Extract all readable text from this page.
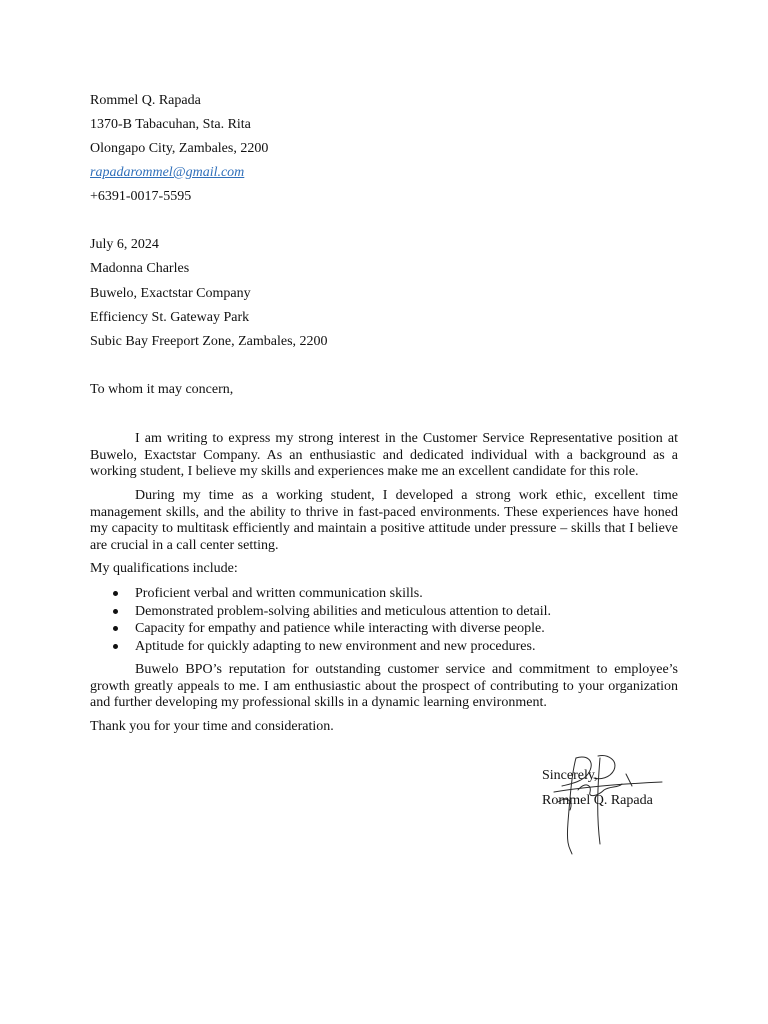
Rommel Q. Rapada
1370-B Tabacuhan, Sta. Rita
Olongapo City, Zambales, 2200
rapadarommel@gmail.com
+6391-0017-5595
July 6, 2024
Madonna Charles
Buwelo, Exactstar Company
Efficiency St. Gateway Park
Subic Bay Freeport Zone, Zambales, 2200
To whom it may concern,
I am writing to express my strong interest in the Customer Service Representative position at Buwelo, Exactstar Company. As an enthusiastic and dedicated individual with a background as a working student, I believe my skills and experiences make me an excellent candidate for this role.
During my time as a working student, I developed a strong work ethic, excellent time management skills, and the ability to thrive in fast-paced environments. These experiences have honed my capacity to multitask efficiently and maintain a positive attitude under pressure – skills that I believe are crucial in a call center setting.
My qualifications include:
Proficient verbal and written communication skills.
Demonstrated problem-solving abilities and meticulous attention to detail.
Capacity for empathy and patience while interacting with diverse people.
Aptitude for quickly adapting to new environment and new procedures.
Buwelo BPO’s reputation for outstanding customer service and commitment to employee’s growth greatly appeals to me. I am enthusiastic about the prospect of contributing to your organization and further developing my professional skills in a dynamic learning environment.
Thank you for your time and consideration.
Sincerely,
Rommel Q. Rapada
